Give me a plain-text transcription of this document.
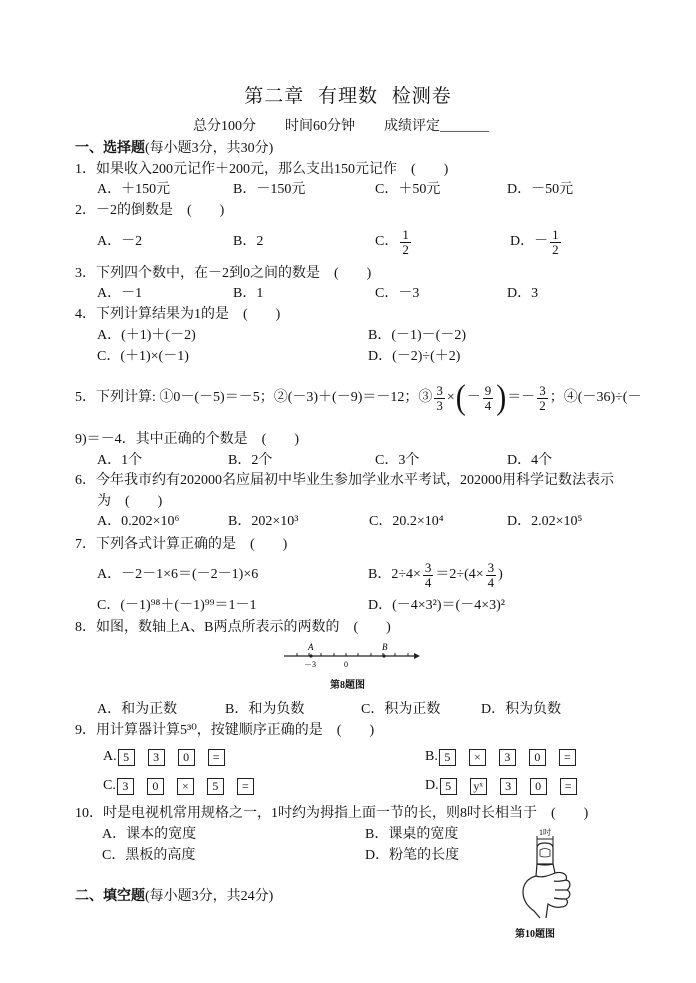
第二章 有理数 检测卷
总分100分 时间60分钟 成绩评定_______
一、选择题 (每小题3分，共30分)
1．如果收入200元记作＋200元，那么支出150元记作　(　　)
A．＋150元	B．－150元	C．＋50元	D．－50元
2．－2的倒数是　(　　)
A．－2	B．2	C． $\frac{1}{2}$	D．－ $\frac{1}{2}$
3．下列四个数中，在－2到0之间的数是　(　　)
A．－1	B．1	C．－3	D．3
4．下列计算结果为1的是　(　　)
A．(＋1)＋(－2)	B．(－1)－(－2)
C．(＋1)×(－1)	D．(－2)÷(＋2)
5．下列计算: ①0－(－5)＝－5；②(－3)＋(－9)＝－12；③ $\frac{3}{3}$ × ( － $\frac{9}{4}$ ) ＝－ $\frac{3}{2}$ ；④(－36)÷(－
9)＝－4．其中正确的个数是　(　　)
A．1个	B．2个	C．3个	D．4个
6．今年我市约有202000名应届初中毕业生参加学业水平考试，202000用科学记数法表示
为　(　　)
A．0.202×10⁶	B．202×10³	C．20.2×10⁴	D．2.02×10⁵
7．下列各式计算正确的是　(　　)
A．－2－1×6＝(－2－1)×6	B．$2\div 4\times \frac{3}{4} =2\div(4\times \frac{3}{4}$ )
C．(－1)⁹⁸＋(－1)⁹⁹＝1－1	D．(－4×3²)＝(－4×3)²
8．如图，数轴上A、B两点所表示的两数的　(　　)
A	B
－3	0
第8题图
A．和为正数	B．和为负数	C．积为正数	D．积为负数
9．用计算器计算5³⁰，按键顺序正确的是　(　　)
A. 5	3	0	=	B. 5	×	3	0	=
C. 3	0	×	5	=	D. 5	yˣ	3	0	=
10．吋是电视机常用规格之一，1吋约为拇指上面一节的长，则8吋长相当于　(　　)
A．课本的宽度	B．课桌的宽度
C．黑板的高度	D．粉笔的长度
1吋
第10题图
二、填空题 (每小题3分，共24分)
